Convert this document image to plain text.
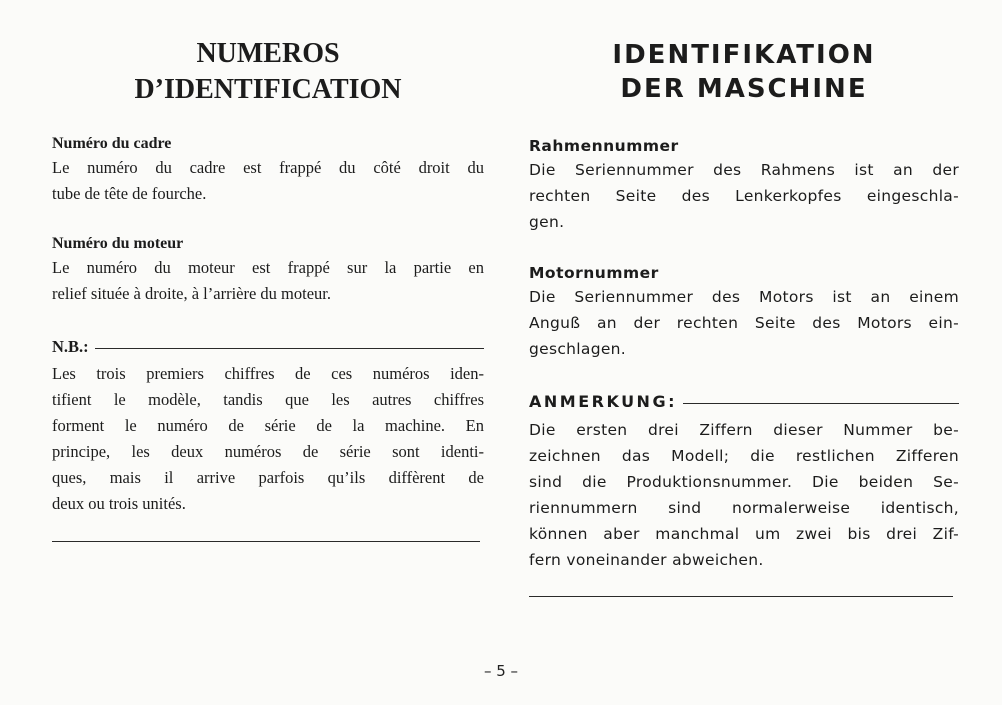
NUMEROS
D’IDENTIFICATION
Numéro du cadre

Le numéro du cadre est frappé du côté droit du
tube de tête de fourche.

Numéro du moteur

Le numéro du moteur est frappé sur la partie en
relief située à droite, à l’arrière du moteur.

N.B.:

Les trois premiers chiffres de ces numéros iden-
tifient le modèle, tandis que les autres chiffres
forment le numéro de série de la machine. En
principe, les deux numéros de série sont identi-
ques, mais il arrive parfois qu’ils diffèrent de
deux ou trois unités.

IDENTIFIKATION
DER MASCHINE
Rahmennummer

Die Seriennummer des Rahmens ist an der
rechten Seite des Lenkerkopfes eingeschla-
gen.

Motornummer

Die Seriennummer des Motors ist an einem
Anguß an der rechten Seite des Motors ein-
geschlagen.

ANMERKUNG:

Die ersten drei Ziffern dieser Nummer be-
zeichnen das Modell; die restlichen Zifferen
sind die Produktionsnummer. Die beiden Se-
riennummern sind normalerweise identisch,
können aber manchmal um zwei bis drei Zif-
fern voneinander abweichen.

– 5 –
